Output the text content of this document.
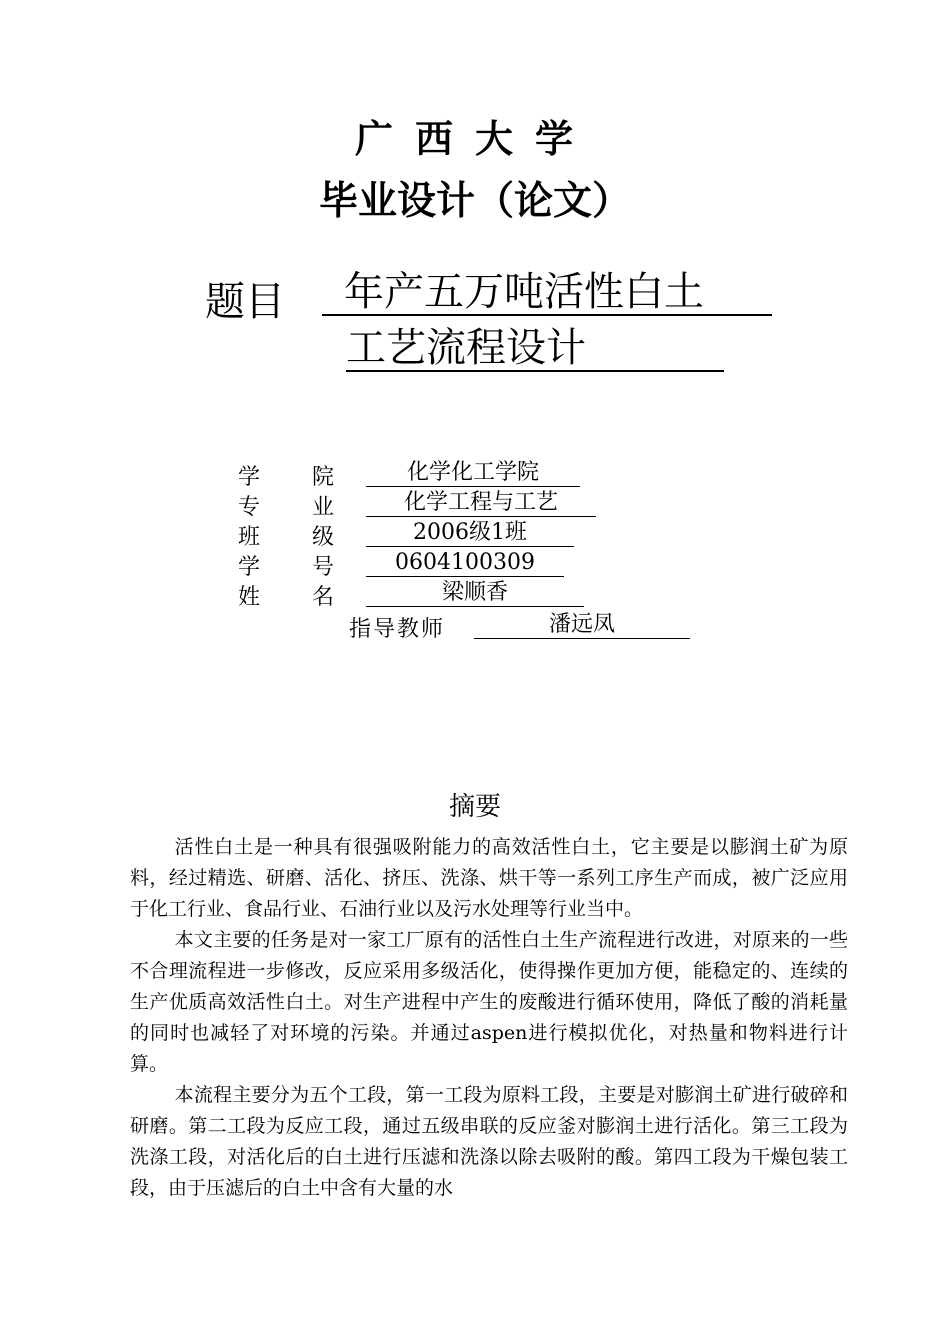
广西大学
毕业设计（论文）
题目	年产五万吨活性白土
工艺流程设计
学院 化学化工学院
专业 化学工程与工艺
班级	2006级1班
学号 0604100309
姓名	梁顺香
指导教师	潘远凤
摘要

活性白土是一种具有很强吸附能力的高效活性白土，它主要是以膨润土矿为原料，经过精选、研磨、活化、挤压、洗涤、烘干等一系列工序生产而成，被广泛应用于化工行业、食品行业、石油行业以及污水处理等行业当中。

本文主要的任务是对一家工厂原有的活性白土生产流程进行改进，对原来的一些不合理流程进一步修改，反应采用多级活化，使得操作更加方便，能稳定的、连续的生产优质高效活性白土。对生产进程中产生的废酸进行循环使用，降低了酸的消耗量的同时也减轻了对环境的污染。并通过aspen进行模拟优化，对热量和物料进行计算。

本流程主要分为五个工段，第一工段为原料工段，主要是对膨润土矿进行破碎和研磨。第二工段为反应工段，通过五级串联的反应釜对膨润土进行活化。第三工段为洗涤工段，对活化后的白土进行压滤和洗涤以除去吸附的酸。第四工段为干燥包装工段，由于压滤后的白土中含有大量的水
